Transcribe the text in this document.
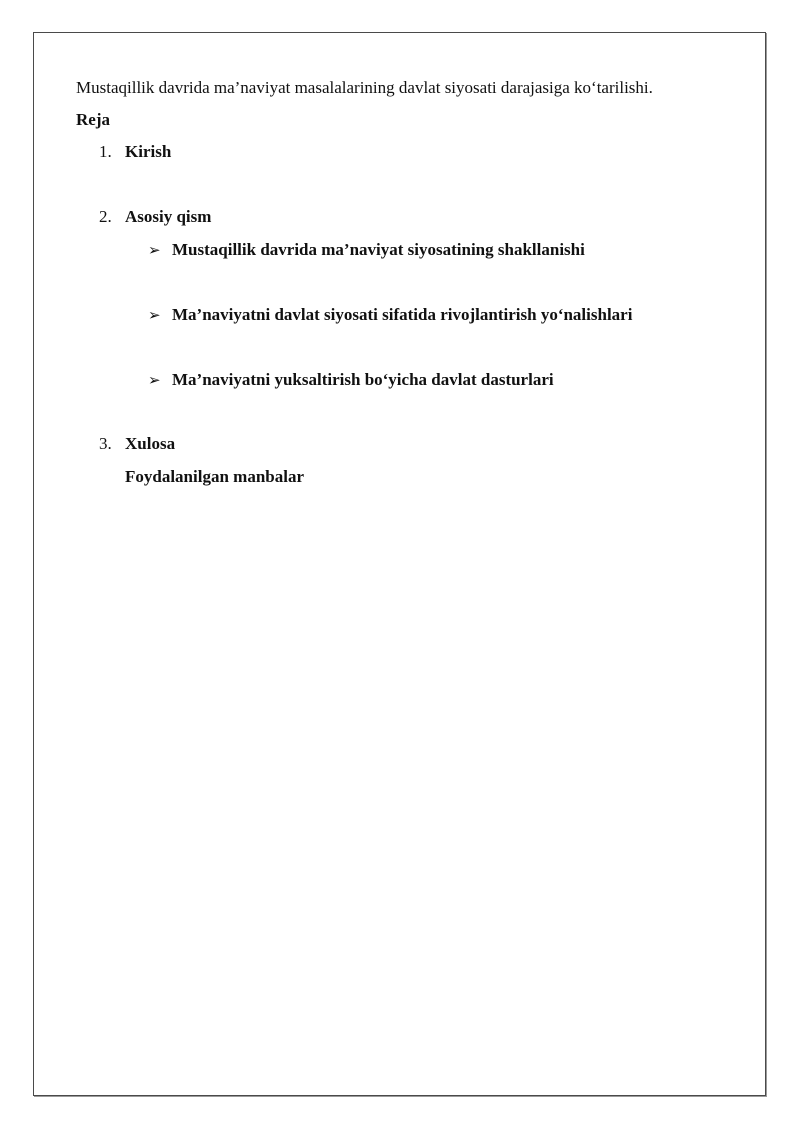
Mustaqillik davrida ma’naviyat masalalarining davlat siyosati darajasiga ko‘tarilishi.
Reja
1. Kirish
2. Asosiy qism
➢ Mustaqillik davrida ma’naviyat siyosatining shakllanishi
➢ Ma’naviyatni davlat siyosati sifatida rivojlantirish yo‘nalishlari
➢ Ma’naviyatni yuksaltirish bo‘yicha davlat dasturlari
3. Xulosa
Foydalanilgan manbalar
